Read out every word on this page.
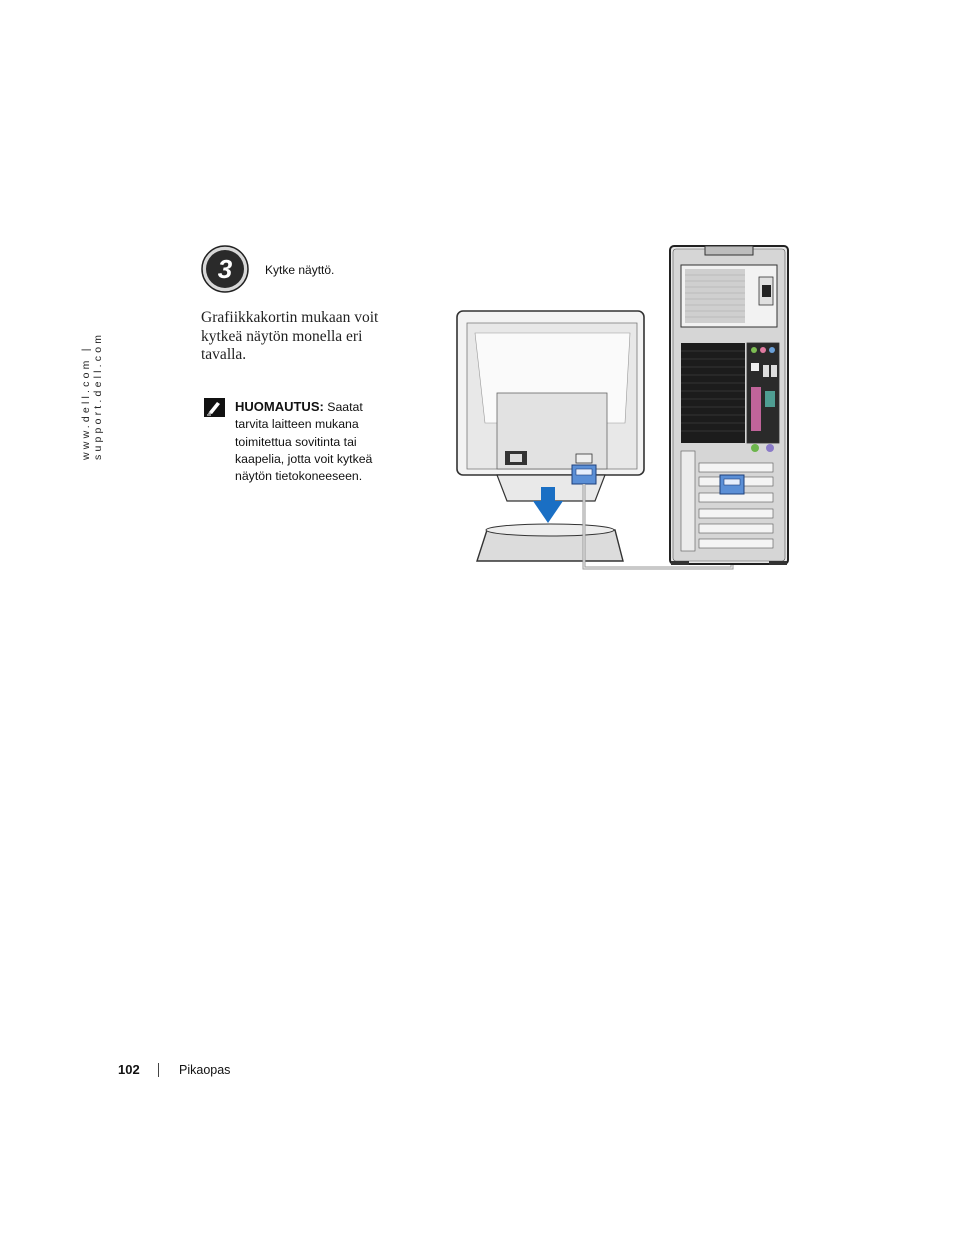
www.dell.com | support.dell.com
3	Kytke näyttö.
Grafiikkakortin mukaan voit kytkeä näytön monella eri tavalla.
HUOMAUTUS: Saatat tarvita laitteen mukana toimitettua sovitinta tai kaapelia, jotta voit kytkeä näytön tietokoneeseen.
102	Pikaopas
